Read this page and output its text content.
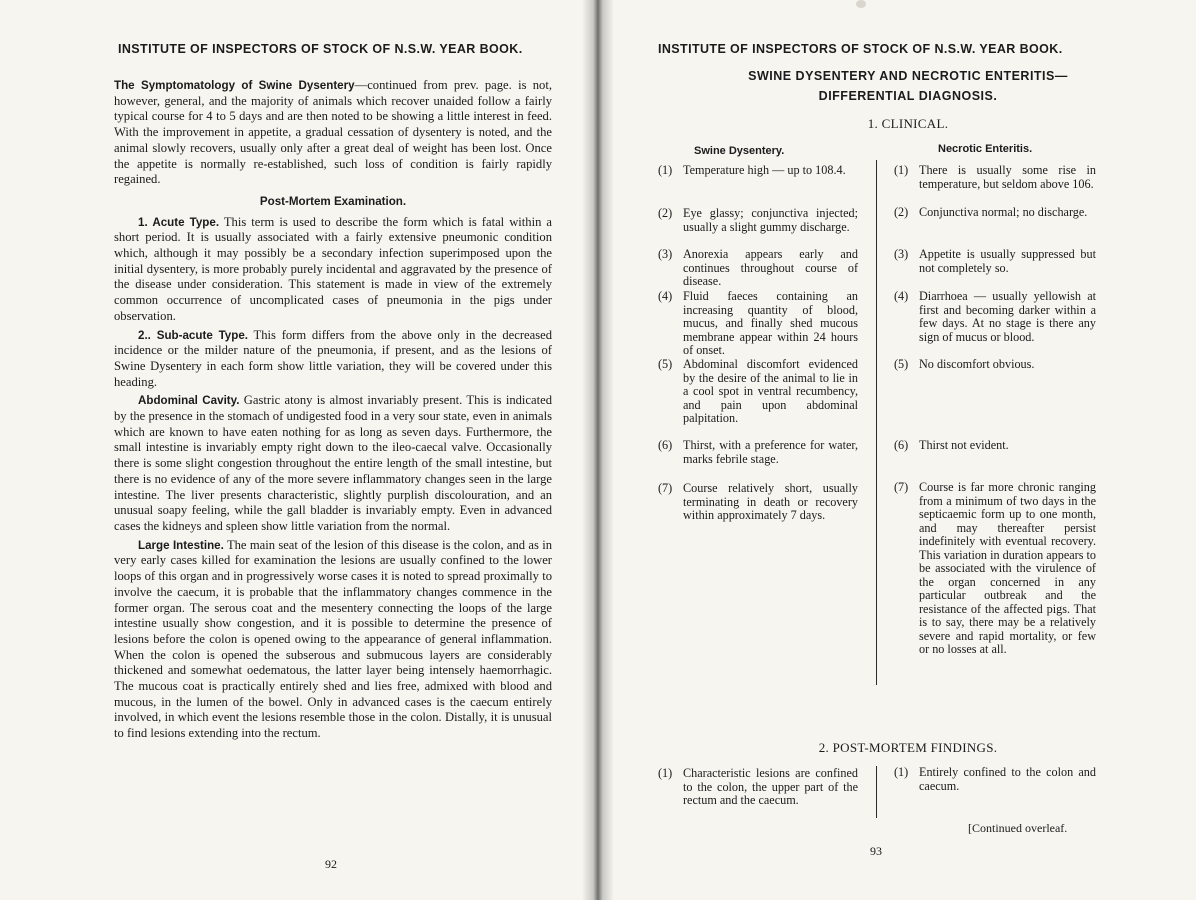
INSTITUTE OF INSPECTORS OF STOCK OF N.S.W. YEAR BOOK.

The Symptomatology of Swine Dysentery—continued from prev. page. is not, however, general, and the majority of animals which recover unaided follow a fairly typical course for 4 to 5 days and are then noted to be showing a little interest in feed. With the improvement in appetite, a gradual cessation of dysentery is noted, and the animal slowly recovers, usually only after a great deal of weight has been lost. Once the appetite is normally re-established, such loss of condition is fairly rapidly regained.

Post-Mortem Examination.

1. Acute Type. This term is used to describe the form which is fatal within a short period. It is usually associated with a fairly extensive pneumonic condition which, although it may possibly be a secondary infection superimposed upon the initial dysentery, is more probably purely incidental and aggravated by the presence of the disease under consideration. This statement is made in view of the extremely common occurrence of uncomplicated cases of pneumonia in the pigs under observation.

2.. Sub-acute Type. This form differs from the above only in the decreased incidence or the milder nature of the pneumonia, if present, and as the lesions of Swine Dysentery in each form show little variation, they will be covered under this heading.

Abdominal Cavity. Gastric atony is almost invariably present. This is indicated by the presence in the stomach of undigested food in a very sour state, even in animals which are known to have eaten nothing for as long as seven days. Furthermore, the small intestine is invariably empty right down to the ileo-caecal valve. Occasionally there is some slight congestion throughout the entire length of the small intestine, but there is no evidence of any of the more severe inflammatory changes seen in the large intestine. The liver presents characteristic, slightly purplish discolouration, and an unusual soapy feeling, while the gall bladder is invariably empty. Even in advanced cases the kidneys and spleen show little variation from the normal.

Large Intestine. The main seat of the lesion of this disease is the colon, and as in very early cases killed for examination the lesions are usually confined to the lower loops of this organ and in progressively worse cases it is noted to spread proximally to involve the caecum, it is probable that the inflammatory changes commence in the former organ. The serous coat and the mesentery connecting the loops of the large intestine usually show congestion, and it is possible to determine the presence of lesions before the colon is opened owing to the appearance of general inflammation. When the colon is opened the subserous and submucous layers are considerably thickened and somewhat oedematous, the latter layer being intensely haemorrhagic. The mucous coat is practically entirely shed and lies free, admixed with blood and mucous, in the lumen of the bowel. Only in advanced cases is the caecum entirely involved, in which event the lesions resemble those in the colon. Distally, it is unusual to find lesions extending into the rectum.

92
INSTITUTE OF INSPECTORS OF STOCK OF N.S.W. YEAR BOOK.
SWINE DYSENTERY AND NECROTIC ENTERITIS—
DIFFERENTIAL DIAGNOSIS.
1. CLINICAL.
Swine Dysentery.	Necrotic Enteritis.
(1) Temperature high — up to 108.4.
(2) Eye glassy; conjunctiva injected; usually a slight gummy discharge.
(3) Anorexia appears early and continues throughout course of disease.
(4) Fluid faeces containing an increasing quantity of blood, mucus, and finally shed mucous membrane appear within 24 hours of onset.
(5) Abdominal discomfort evidenced by the desire of the animal to lie in a cool spot in ventral recumbency, and pain upon abdominal palpitation.
(6) Thirst, with a preference for water, marks febrile stage.
(7) Course relatively short, usually terminating in death or recovery within approximately 7 days.
(1) There is usually some rise in temperature, but seldom above 106.
(2) Conjunctiva normal; no discharge.
(3) Appetite is usually suppressed but not completely so.
(4) Diarrhoea — usually yellowish at first and becoming darker within a few days. At no stage is there any sign of mucus or blood.
(5) No discomfort obvious.
(6) Thirst not evident.
(7) Course is far more chronic ranging from a minimum of two days in the septicaemic form up to one month, and may thereafter persist indefinitely with eventual recovery. This variation in duration appears to be associated with the virulence of the organ concerned in any particular outbreak and the resistance of the affected pigs. That is to say, there may be a relatively severe and rapid mortality, or few or no losses at all.
2. POST-MORTEM FINDINGS.
(1) Characteristic lesions are confined to the colon, the upper part of the rectum and the caecum.
(1) Entirely confined to the colon and caecum.
[Continued overleaf.
93
